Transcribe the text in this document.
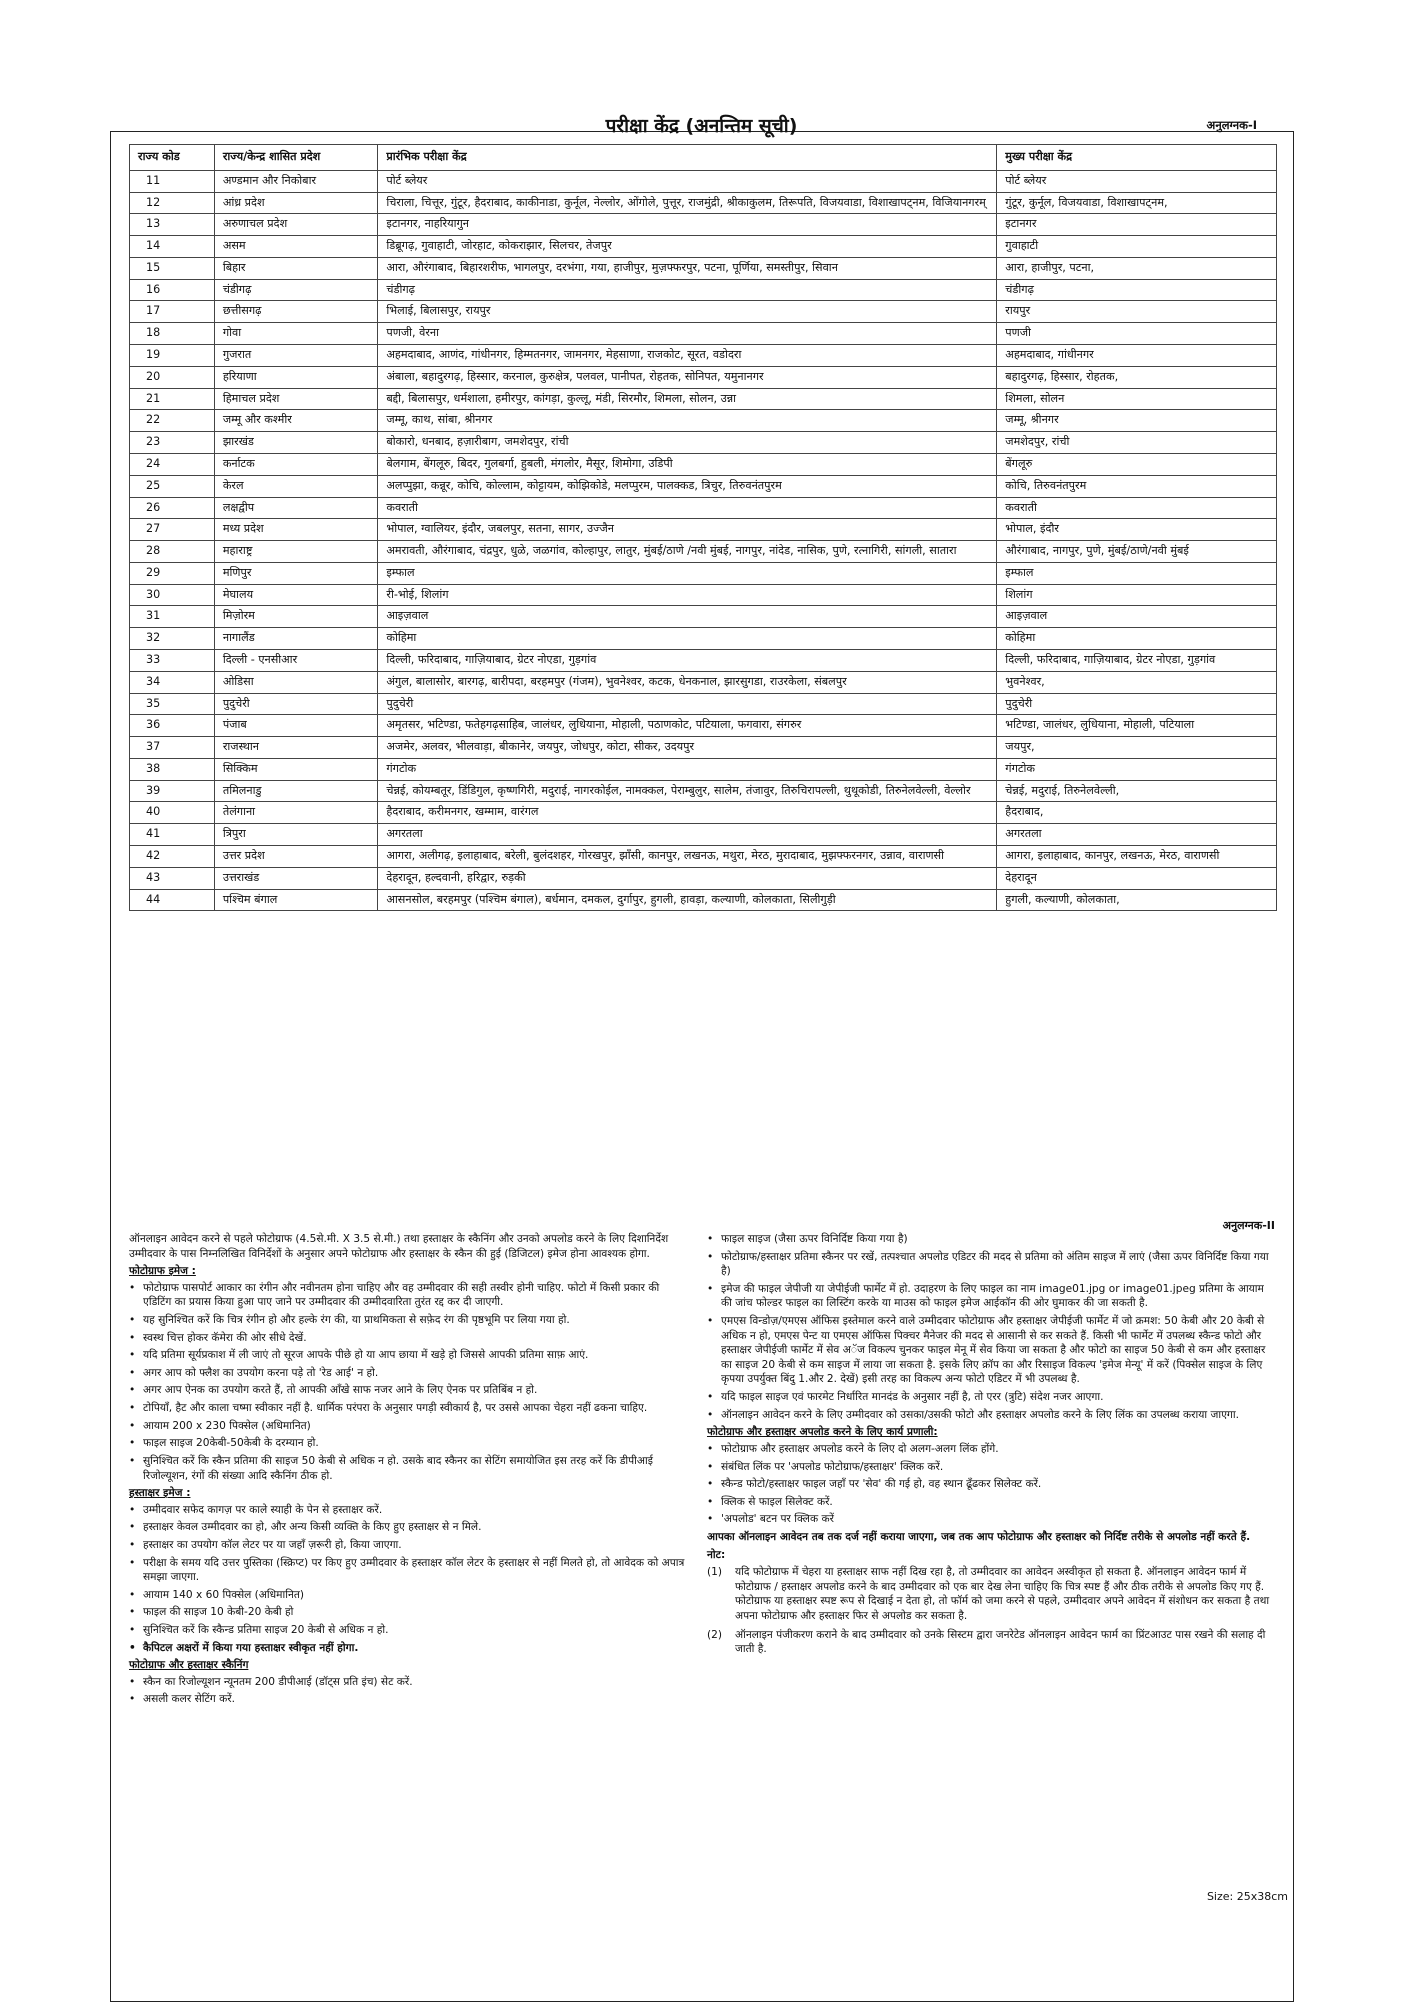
परीक्षा केंद्र (अनन्तिम सूची)	अनुलग्नक-I
राज्य कोड	राज्य/केन्द्र शासित प्रदेश	प्रारंभिक परीक्षा केंद्र	मुख्य परीक्षा केंद्र
11	अण्डमान और निकोबार	पोर्ट ब्लेयर	पोर्ट ब्लेयर
12	आंध्र प्रदेश	चिराला, चित्तूर, गुंटूर, हैदराबाद, काकीनाडा, कुर्नूल, नेल्लोर, ओंगोले, पुत्तूर, राजमुंद्री, श्रीकाकुलम, तिरूपति, विजयवाडा, विशाखापट्नम, विजियानगरम्	गुंटूर, कुर्नूल, विजयवाडा, विशाखापट्नम,
13	अरुणाचल प्रदेश	इटानगर, नाहरियागुन	इटानगर
14	असम	डिब्रूगढ़, गुवाहाटी, जोरहाट, कोकराझार, सिलचर, तेजपुर	गुवाहाटी
15	बिहार	आरा, औरंगाबाद, बिहारशरीफ, भागलपुर, दरभंगा, गया, हाजीपुर, मुज़फ्फरपुर, पटना, पूर्णिया, समस्तीपुर, सिवान	आरा, हाजीपुर, पटना,
16	चंडीगढ़	चंडीगढ़	चंडीगढ़
17	छत्तीसगढ़	भिलाई, बिलासपुर, रायपुर	रायपुर
18	गोवा	पणजी, वेरना	पणजी
19	गुजरात	अहमदाबाद, आणंद, गांधीनगर, हिम्मतनगर, जामनगर, मेहसाणा, राजकोट, सूरत, वडोदरा	अहमदाबाद, गांधीनगर
20	हरियाणा	अंबाला, बहादुरगढ़, हिस्सार, करनाल, कुरुक्षेत्र, पलवल, पानीपत, रोहतक, सोनिपत, यमुनानगर	बहादुरगढ़, हिस्सार, रोहतक,
21	हिमाचल प्रदेश	बद्दी, बिलासपुर, धर्मशाला, हमीरपुर, कांगड़ा, कुल्लू, मंडी, सिरमौर, शिमला, सोलन, उन्ना	शिमला, सोलन
22	जम्मू और कश्मीर	जम्मू, काथ, सांबा, श्रीनगर	जम्मू, श्रीनगर
23	झारखंड	बोकारो, धनबाद, हज़ारीबाग, जमशेदपुर, रांची	जमशेदपुर, रांची
24	कर्नाटक	बेलगाम, बेंगलूरु, बिदर, गुलबर्गा, हुबली, मंगलोर, मैसूर, शिमोगा, उडिपी	बेंगलूरु
25	केरल	अलप्पुझा, कन्नूर, कोचि, कोल्लाम, कोट्टायम, कोझिकोडे, मलप्पुरम, पालक्कड, त्रिचुर, तिरुवनंतपुरम	कोचि, तिरुवनंतपुरम
26	लक्षद्वीप	कवराती	कवराती
27	मध्य प्रदेश	भोपाल, ग्वालियर, इंदौर, जबलपुर, सतना, सागर, उज्जैन	भोपाल, इंदौर
28	महाराष्ट्र	अमरावती, औरंगाबाद, चंद्रपुर, धुळे, जळगांव, कोल्हापुर, लातुर, मुंबई/ठाणे /नवी मुंबई, नागपुर, नांदेड, नासिक, पुणे, रत्नागिरी, सांगली, सातारा	औरंगाबाद, नागपुर, पुणे, मुंबई/ठाणे/नवी मुंबई
29	मणिपुर	इम्फाल	इम्फाल
30	मेघालय	री-भोई, शिलांग	शिलांग
31	मिज़ोरम	आइज़वाल	आइज़वाल
32	नागालैंड	कोहिमा	कोहिमा
33	दिल्ली - एनसीआर	दिल्ली, फरिदाबाद, गाज़ियाबाद, ग्रेटर नोएडा, गुड़गांव	दिल्ली, फरिदाबाद, गाज़ियाबाद, ग्रेटर नोएडा, गुड़गांव
34	ओडिसा	अंगुल, बालासोर, बारगढ़, बारीपदा, बरहमपुर (गंजम), भुवनेश्वर, कटक, धेनकनाल, झारसुगडा, राउरकेला, संबलपुर	भुवनेश्वर,
35	पुदुचेरी	पुदुचेरी	पुदुचेरी
36	पंजाब	अमृतसर, भटिण्डा, फतेहगढ़साहिब, जालंधर, लुधियाना, मोहाली, पठाणकोट, पटियाला, फगवारा, संगरुर	भटिण्डा, जालंधर, लुधियाना, मोहाली, पटियाला
37	राजस्थान	अजमेर, अलवर, भीलवाड़ा, बीकानेर, जयपुर, जोधपुर, कोटा, सीकर, उदयपुर	जयपुर,
38	सिक्किम	गंगटोक	गंगटोक
39	तमिलनाडु	चेन्नई, कोयम्बतूर, डिंडिगुल, कृष्णगिरी, मदुराई, नागरकोईल, नामक्कल, पेराम्बुलुर, सालेम, तंजावुर, तिरुचिरापल्ली, थुथूकोडी, तिरुनेलवेल्ली, वेल्लोर	चेन्नई, मदुराई, तिरुनेलवेल्ली,
40	तेलंगाना	हैदराबाद, करीमनगर, खम्माम, वारंगल	हैदराबाद,
41	त्रिपुरा	अगरतला	अगरतला
42	उत्तर प्रदेश	आगरा, अलीगढ़, इलाहाबाद, बरेली, बुलंदशहर, गोरखपुर, झाँसी, कानपुर, लखनऊ, मथुरा, मेरठ, मुरादाबाद, मुझफ्फरनगर, उन्नाव, वाराणसी	आगरा, इलाहाबाद, कानपुर, लखनऊ, मेरठ, वाराणसी
43	उत्तराखंड	देहरादून, हल्दवानी, हरिद्वार, रुड़की	देहरादून
44	पश्चिम बंगाल	आसनसोल, बरहमपुर (पश्चिम बंगाल), बर्धमान, दमकल, दुर्गापुर, हुगली, हावड़ा, कल्याणी, कोलकाता, सिलीगुड़ी	हुगली, कल्याणी, कोलकाता,
अनुलग्नक-II

ऑनलाइन आवेदन करने से पहले फोटोग्राफ (4.5से.मी. X 3.5 से.मी.) तथा हस्ताक्षर के स्कैनिंग और उनको अपलोड करने के लिए दिशानिर्देश उम्मीदवार के पास निम्नलिखित विनिर्देशों के अनुसार अपने फोटोग्राफ और हस्ताक्षर के स्कैन की हुई (डिजिटल) इमेज होना आवश्यक होगा.

फोटोग्राफ इमेज :
• फोटोग्राफ पासपोर्ट आकार का रंगीन और नवीनतम होना चाहिए और वह उम्मीदवार की सही तस्वीर होनी चाहिए. फोटो में किसी प्रकार की एडिटिंग का प्रयास किया हुआ पाए जाने पर उम्मीदवार की उम्मीदवारिता तुरंत रद्द कर दी जाएगी.
• यह सुनिश्चित करें कि चित्र रंगीन हो और हल्के रंग की, या प्राथमिकता से सफ़ेद रंग की पृष्ठभूमि पर लिया गया हो.
• स्वस्थ चित्त होकर कॅमेरा की ओर सीधे देखें.
• यदि प्रतिमा सूर्यप्रकाश में ली जाएं तो सूरज आपके पीछे हो या आप छाया में खड़े हो जिससे आपकी प्रतिमा साफ़ आएं.
• अगर आप को फ्लैश का उपयोग करना पड़े तो 'रेड आई' न हो.
• अगर आप ऐनक का उपयोग करते हैं, तो आपकी आँखे साफ नजर आने के लिए ऐनक पर प्रतिबिंब न हो.
• टोपियाँ, हैट और काला चष्मा स्वीकार नहीं है. धार्मिक परंपरा के अनुसार पगड़ी स्वीकार्य है, पर उससे आपका चेहरा नहीं ढकना चाहिए.
• आयाम 200 x 230 पिक्सेल (अधिमानित)
• फाइल साइज 20केबी-50केबी के दरम्यान हो.
• सुनिश्चित करें कि स्कैन प्रतिमा की साइज 50 केबी से अधिक न हो. उसके बाद स्कैनर का सेटिंग समायोजित इस तरह करें कि डीपीआई रिजोल्यूशन, रंगों की संख्या आदि स्कैनिंग ठीक हो.
हस्ताक्षर इमेज :
• उम्मीदवार सफेद कागज़ पर काले स्याही के पेन से हस्ताक्षर करें.
• हस्ताक्षर केवल उम्मीदवार का हो, और अन्य किसी व्यक्ति के किए हुए हस्ताक्षर से न मिले.
• हस्ताक्षर का उपयोग कॉल लेटर पर या जहाँ ज़रूरी हो, किया जाएगा.
• परीक्षा के समय यदि उत्तर पुस्तिका (स्क्रिप्ट) पर किए हुए उम्मीदवार के हस्ताक्षर कॉल लेटर के हस्ताक्षर से नहीं मिलते हो, तो आवेदक को अपात्र समझा जाएगा.
• आयाम 140 x 60 पिक्सेल (अधिमानित)
• फाइल की साइज 10 केबी-20 केबी हो
• सुनिश्चित करें कि स्कैन्ड प्रतिमा साइज 20 केबी से अधिक न हो.
• कैपिटल अक्षरों में किया गया हस्ताक्षर स्वीकृत नहीं होगा.
फोटोग्राफ और हस्ताक्षर स्कैनिंग
• स्कैन का रिजोल्यूशन न्यूनतम 200 डीपीआई (डॉट्स प्रति इंच) सेट करें.
• असली कलर सेटिंग करें.
• फाइल साइज (जैसा ऊपर विनिर्दिष्ट किया गया है)
• फोटोग्राफ/हस्ताक्षर प्रतिमा स्कैनर पर रखें, तत्पश्चात अपलोड एडिटर की मदद से प्रतिमा को अंतिम साइज में लाएं (जैसा ऊपर विनिर्दिष्ट किया गया है)
• इमेज की फाइल जेपीजी या जेपीईजी फार्मेट में हो. उदाहरण के लिए फाइल का नाम image01.jpg or image01.jpeg प्रतिमा के आयाम की जांच फोल्डर फाइल का लिस्टिंग करके या माउस को फाइल इमेज आईकॉन की ओर घुमाकर की जा सकती है.
• एमएस विन्डोज़/एमएस ऑफिस इस्तेमाल करने वाले उम्मीदवार फोटोग्राफ और हस्ताक्षर जेपीईजी फार्मेट में जो क्रमश: 50 केबी और 20 केबी से अधिक न हो, एमएस पेन्ट या एमएस ऑफिस पिक्चर मैनेजर की मदद से आसानी से कर सकते हैं. किसी भी फार्मेट में उपलब्ध स्कैन्ड फोटो और हस्ताक्षर जेपीईजी फार्मेट में सेव अॅज विकल्प चुनकर फाइल मेनू में सेव किया जा सकता है और फोटो का साइज 50 केबी से कम और हस्ताक्षर का साइज 20 केबी से कम साइज में लाया जा सकता है. इसके लिए क्रॉप का और रिसाइज विकल्प 'इमेज मेन्यू' में करें (पिक्सेल साइज के लिए कृपया उपर्युक्त बिंदु 1.और 2. देखें) इसी तरह का विकल्प अन्य फोटो एडिटर में भी उपलब्ध है.
• यदि फाइल साइज एवं फारमेट निर्धारित मानदंड के अनुसार नहीं है, तो एरर (त्रुटि) संदेश नजर आएगा.
• ऑनलाइन आवेदन करने के लिए उम्मीदवार को उसका/उसकी फोटो और हस्ताक्षर अपलोड करने के लिए लिंक का उपलब्ध कराया जाएगा.
फोटोग्राफ और हस्ताक्षर अपलोड करने के लिए कार्य प्रणाली:
• फोटोग्राफ और हस्ताक्षर अपलोड करने के लिए दो अलग-अलग लिंक होंगे.
• संबंधित लिंक पर 'अपलोड फोटोग्राफ/हस्ताक्षर' क्लिक करें.
• स्कैन्ड फोटो/हस्ताक्षर फाइल जहाँ पर 'सेव' की गई हो, वह स्थान ढूँढकर सिलेक्ट करें.
• क्लिक से फाइल सिलेक्ट करें.
• 'अपलोड' बटन पर क्लिक करें

आपका ऑनलाइन आवेदन तब तक दर्ज नहीं कराया जाएगा, जब तक आप फोटोग्राफ और हस्ताक्षर को निर्दिष्ट तरीके से अपलोड नहीं करते हैं.

नोट:

(1)	यदि फोटोग्राफ में चेहरा या हस्ताक्षर साफ नहीं दिख रहा है, तो उम्मीदवार का आवेदन अस्वीकृत हो सकता है. ऑनलाइन आवेदन फार्म में फोटोग्राफ / हस्ताक्षर अपलोड करने के बाद उम्मीदवार को एक बार देख लेना चाहिए कि चित्र स्पष्ट हैं और ठीक तरीके से अपलोड किए गए हैं. फोटोग्राफ या हस्ताक्षर स्पष्ट रूप से दिखाई न देता हो, तो फॉर्म को जमा करने से पहले, उम्मीदवार अपने आवेदन में संशोधन कर सकता है तथा अपना फोटोग्राफ और हस्ताक्षर फिर से अपलोड कर सकता है.
(2)	ऑनलाइन पंजीकरण कराने के बाद उम्मीदवार को उनके सिस्टम द्वारा जनरेटेड ऑनलाइन आवेदन फार्म का प्रिंटआउट पास रखने की सलाह दी जाती है.
Size: 25x38cm
